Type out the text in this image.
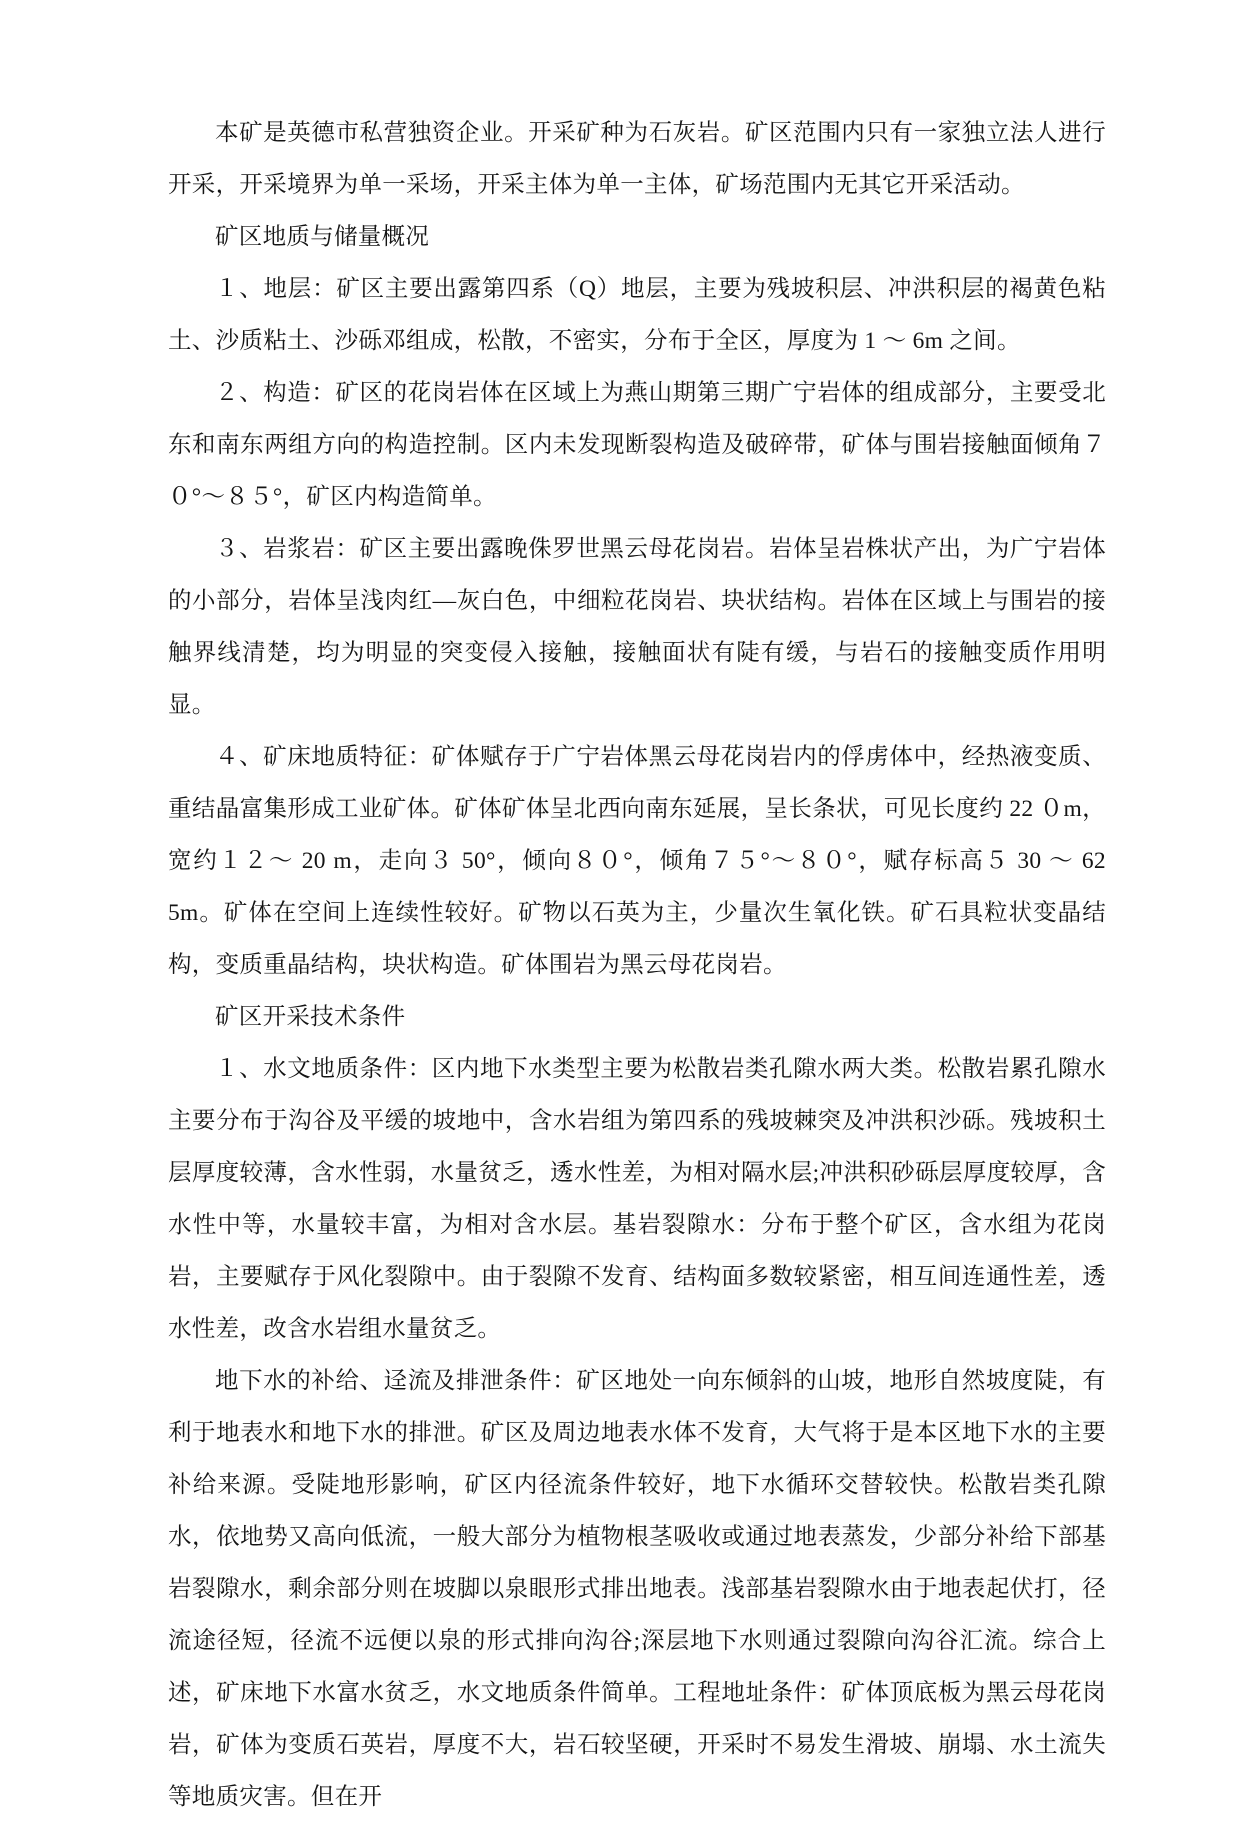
本矿是英德市私营独资企业。开采矿种为石灰岩。矿区范围内只有一家独立法人进行开采，开采境界为单一采场，开采主体为单一主体，矿场范围内无其它开采活动。

矿区地质与储量概况

１、地层：矿区主要出露第四系（Q）地层，主要为残坡积层、冲洪积层的褐黄色粘土、沙质粘土、沙砾邓组成，松散，不密实，分布于全区，厚度为 1 ～ 6m 之间。

２、构造：矿区的花岗岩体在区域上为燕山期第三期广宁岩体的组成部分，主要受北东和南东两组方向的构造控制。区内未发现断裂构造及破碎带，矿体与围岩接触面倾角７０°～８５°，矿区内构造简单。

３、岩浆岩：矿区主要出露晚侏罗世黑云母花岗岩。岩体呈岩株状产出，为广宁岩体的小部分，岩体呈浅肉红—灰白色，中细粒花岗岩、块状结构。岩体在区域上与围岩的接触界线清楚，均为明显的突变侵入接触，接触面状有陡有缓，与岩石的接触变质作用明显。

４、矿床地质特征：矿体赋存于广宁岩体黑云母花岗岩内的俘虏体中，经热液变质、重结晶富集形成工业矿体。矿体矿体呈北西向南东延展，呈长条状，可见长度约 22 ０m，宽约１２～ 20 m，走向３ 50°，倾向８０°，倾角７５°～８０°，赋存标高５ 30 ～ 62 5m。矿体在空间上连续性较好。矿物以石英为主，少量次生氧化铁。矿石具粒状变晶结构，变质重晶结构，块状构造。矿体围岩为黑云母花岗岩。

矿区开采技术条件

１、水文地质条件：区内地下水类型主要为松散岩类孔隙水两大类。松散岩累孔隙水主要分布于沟谷及平缓的坡地中，含水岩组为第四系的残坡棘突及冲洪积沙砾。残坡积土层厚度较薄，含水性弱，水量贫乏，透水性差，为相对隔水层;冲洪积砂砾层厚度较厚，含水性中等，水量较丰富，为相对含水层。基岩裂隙水：分布于整个矿区，含水组为花岗岩，主要赋存于风化裂隙中。由于裂隙不发育、结构面多数较紧密，相互间连通性差，透水性差，改含水岩组水量贫乏。

地下水的补给、迳流及排泄条件：矿区地处一向东倾斜的山坡，地形自然坡度陡，有利于地表水和地下水的排泄。矿区及周边地表水体不发育，大气将于是本区地下水的主要补给来源。受陡地形影响，矿区内径流条件较好，地下水循环交替较快。松散岩类孔隙水，依地势又高向低流，一般大部分为植物根茎吸收或通过地表蒸发，少部分补给下部基岩裂隙水，剩余部分则在坡脚以泉眼形式排出地表。浅部基岩裂隙水由于地表起伏打，径流途径短，径流不远便以泉的形式排向沟谷;深层地下水则通过裂隙向沟谷汇流。综合上述，矿床地下水富水贫乏，水文地质条件简单。工程地址条件：矿体顶底板为黑云母花岗岩，矿体为变质石英岩，厚度不大，岩石较坚硬，开采时不易发生滑坡、崩塌、水土流失等地质灾害。但在开
